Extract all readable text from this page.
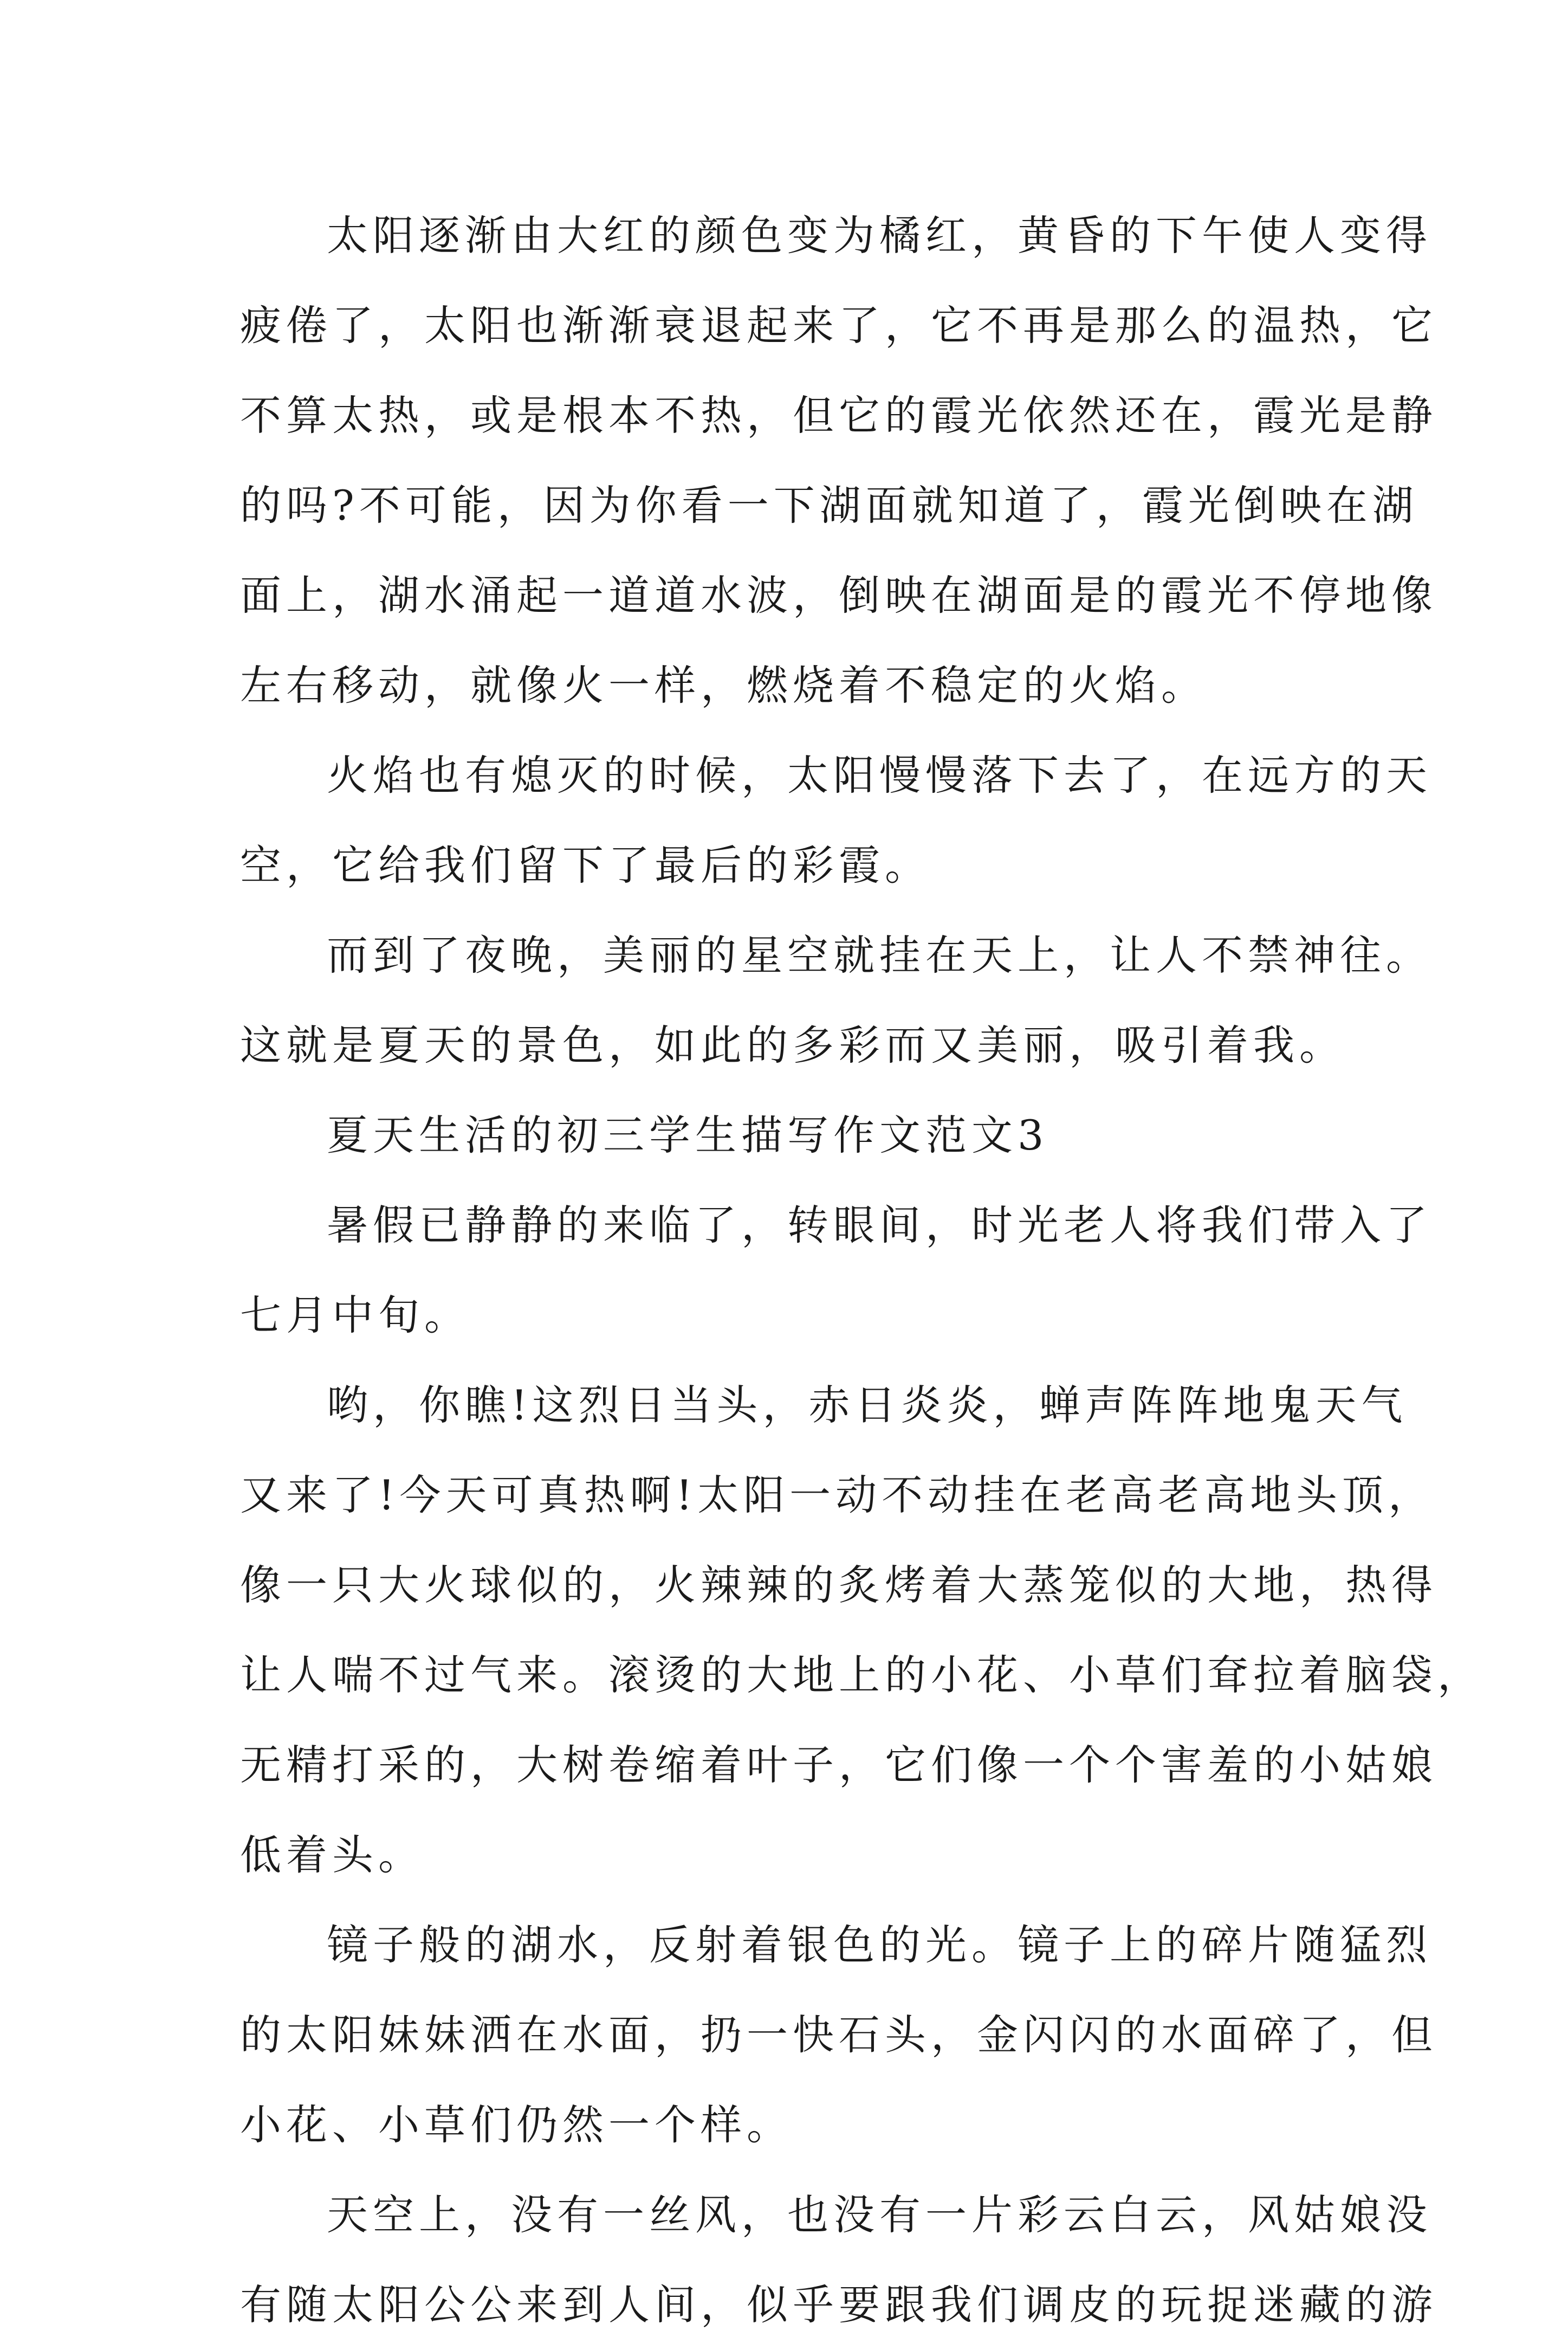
太阳逐渐由大红的颜色变为橘红，黄昏的下午使人变得
疲倦了，太阳也渐渐衰退起来了，它不再是那么的温热，它
不算太热，或是根本不热，但它的霞光依然还在，霞光是静
的吗?不可能，因为你看一下湖面就知道了，霞光倒映在湖
面上，湖水涌起一道道水波，倒映在湖面是的霞光不停地像
左右移动，就像火一样，燃烧着不稳定的火焰。
火焰也有熄灭的时候，太阳慢慢落下去了，在远方的天
空，它给我们留下了最后的彩霞。
而到了夜晚，美丽的星空就挂在天上，让人不禁神往。
这就是夏天的景色，如此的多彩而又美丽，吸引着我。
夏天生活的初三学生描写作文范文3
暑假已静静的来临了，转眼间，时光老人将我们带入了
七月中旬。
哟，你瞧!这烈日当头，赤日炎炎，蝉声阵阵地鬼天气
又来了!今天可真热啊!太阳一动不动挂在老高老高地头顶，
像一只大火球似的，火辣辣的炙烤着大蒸笼似的大地，热得
让人喘不过气来。滚烫的大地上的小花、小草们耷拉着脑袋，
无精打采的，大树卷缩着叶子，它们像一个个害羞的小姑娘
低着头。
镜子般的湖水，反射着银色的光。镜子上的碎片随猛烈
的太阳妹妹洒在水面，扔一快石头，金闪闪的水面碎了，但
小花、小草们仍然一个样。
天空上，没有一丝风，也没有一片彩云白云，风姑娘没
有随太阳公公来到人间，似乎要跟我们调皮的玩捉迷藏的游
